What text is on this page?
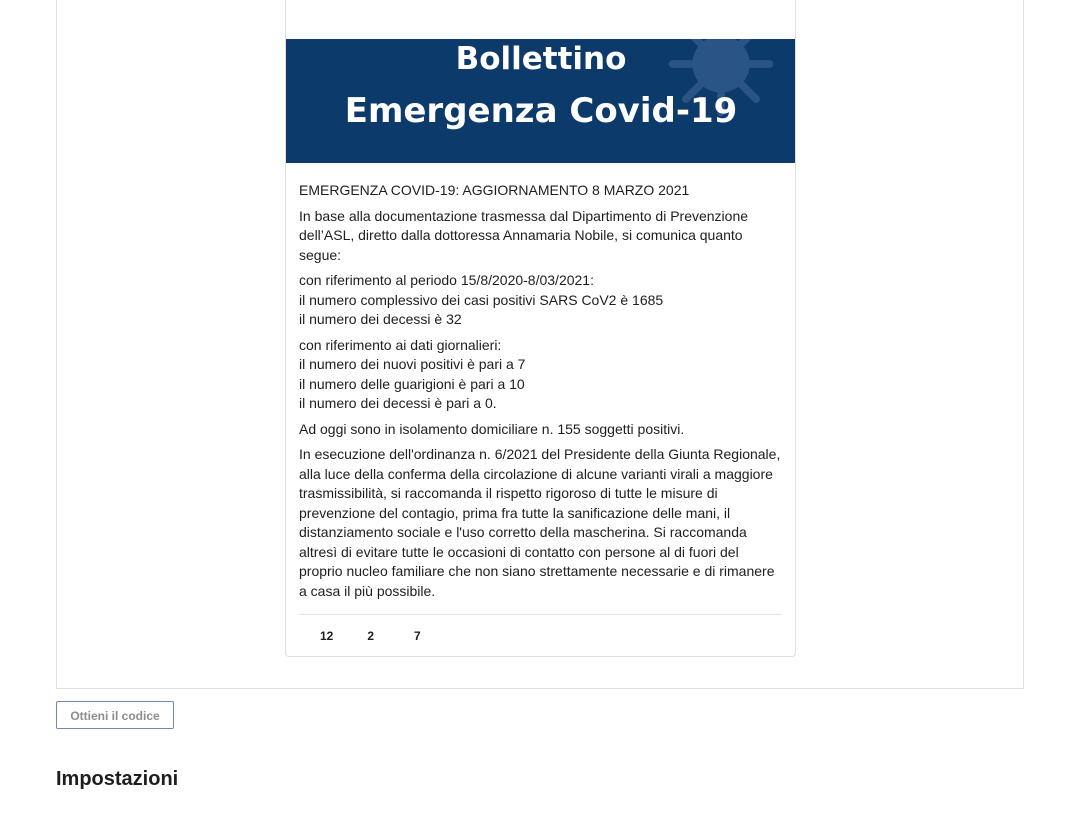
Bollettino
Emergenza Covid-19

EMERGENZA COVID-19: AGGIORNAMENTO 8 MARZO 2021

In base alla documentazione trasmessa dal Dipartimento di Prevenzione dell’ASL, diretto dalla dottoressa Annamaria Nobile, si comunica quanto segue:

con riferimento al periodo 15/8/2020-8/03/2021:
il numero complessivo dei casi positivi SARS CoV2 è 1685
il numero dei decessi è 32

con riferimento ai dati giornalieri:
il numero dei nuovi positivi è pari a 7
il numero delle guarigioni è pari a 10
il numero dei decessi è pari a 0.

Ad oggi sono in isolamento domiciliare n. 155 soggetti positivi.

In esecuzione dell'ordinanza n. 6/2021 del Presidente della Giunta Regionale, alla luce della conferma della circolazione di alcune varianti virali a maggiore trasmissibilità, si raccomanda il rispetto rigoroso di tutte le misure di prevenzione del contagio, prima fra tutte la sanificazione delle mani, il distanziamento sociale e l'uso corretto della mascherina. Si raccomanda altresì di evitare tutte le occasioni di contatto con persone al di fuori del proprio nucleo familiare che non siano strettamente necessarie e di rimanere a casa il più possibile.

12	2	7
Ottieni il codice
Impostazioni
